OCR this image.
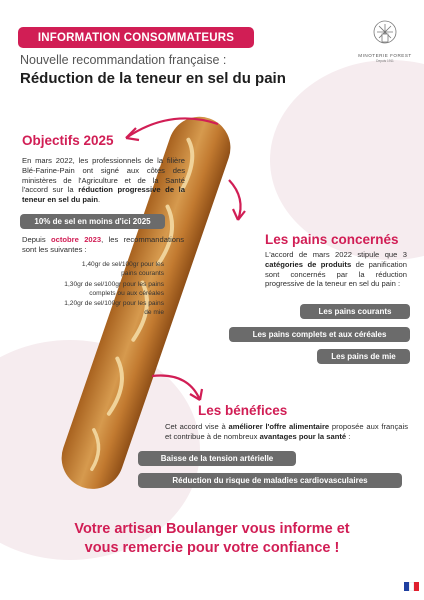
INFORMATION CONSOMMATEURS
Nouvelle recommandation française :
Réduction de la teneur en sel du pain
MINOTERIE FOREST
Depuis 1911
Objectifs 2025
En mars 2022, les professionnels de la filière Blé-Farine-Pain ont signé aux côtés des ministères de l'Agriculture et de la Santé l'accord sur la réduction progressive de la teneur en sel du pain.
10% de sel en moins d'ici 2025
Depuis octobre 2023, les recommandations sont les suivantes :
1,40gr de sel/100gr pour les pains courants
1,30gr de sel/100gr pour les pains complets ou aux céréales
1,20gr de sel/100gr pour les pains de mie
Les pains concernés
L'accord de mars 2022 stipule que 3 catégories de produits de panification sont concernés par la réduction progressive de la teneur en sel du pain :
Les pains courants
Les pains complets et aux céréales
Les pains de mie
Les bénéfices
Cet accord vise à améliorer l'offre alimentaire proposée aux français et contribue à de nombreux avantages pour la santé :
Baisse de la tension artérielle
Réduction du risque de maladies cardiovasculaires
Votre artisan Boulanger vous informe et
vous remercie pour votre confiance !
